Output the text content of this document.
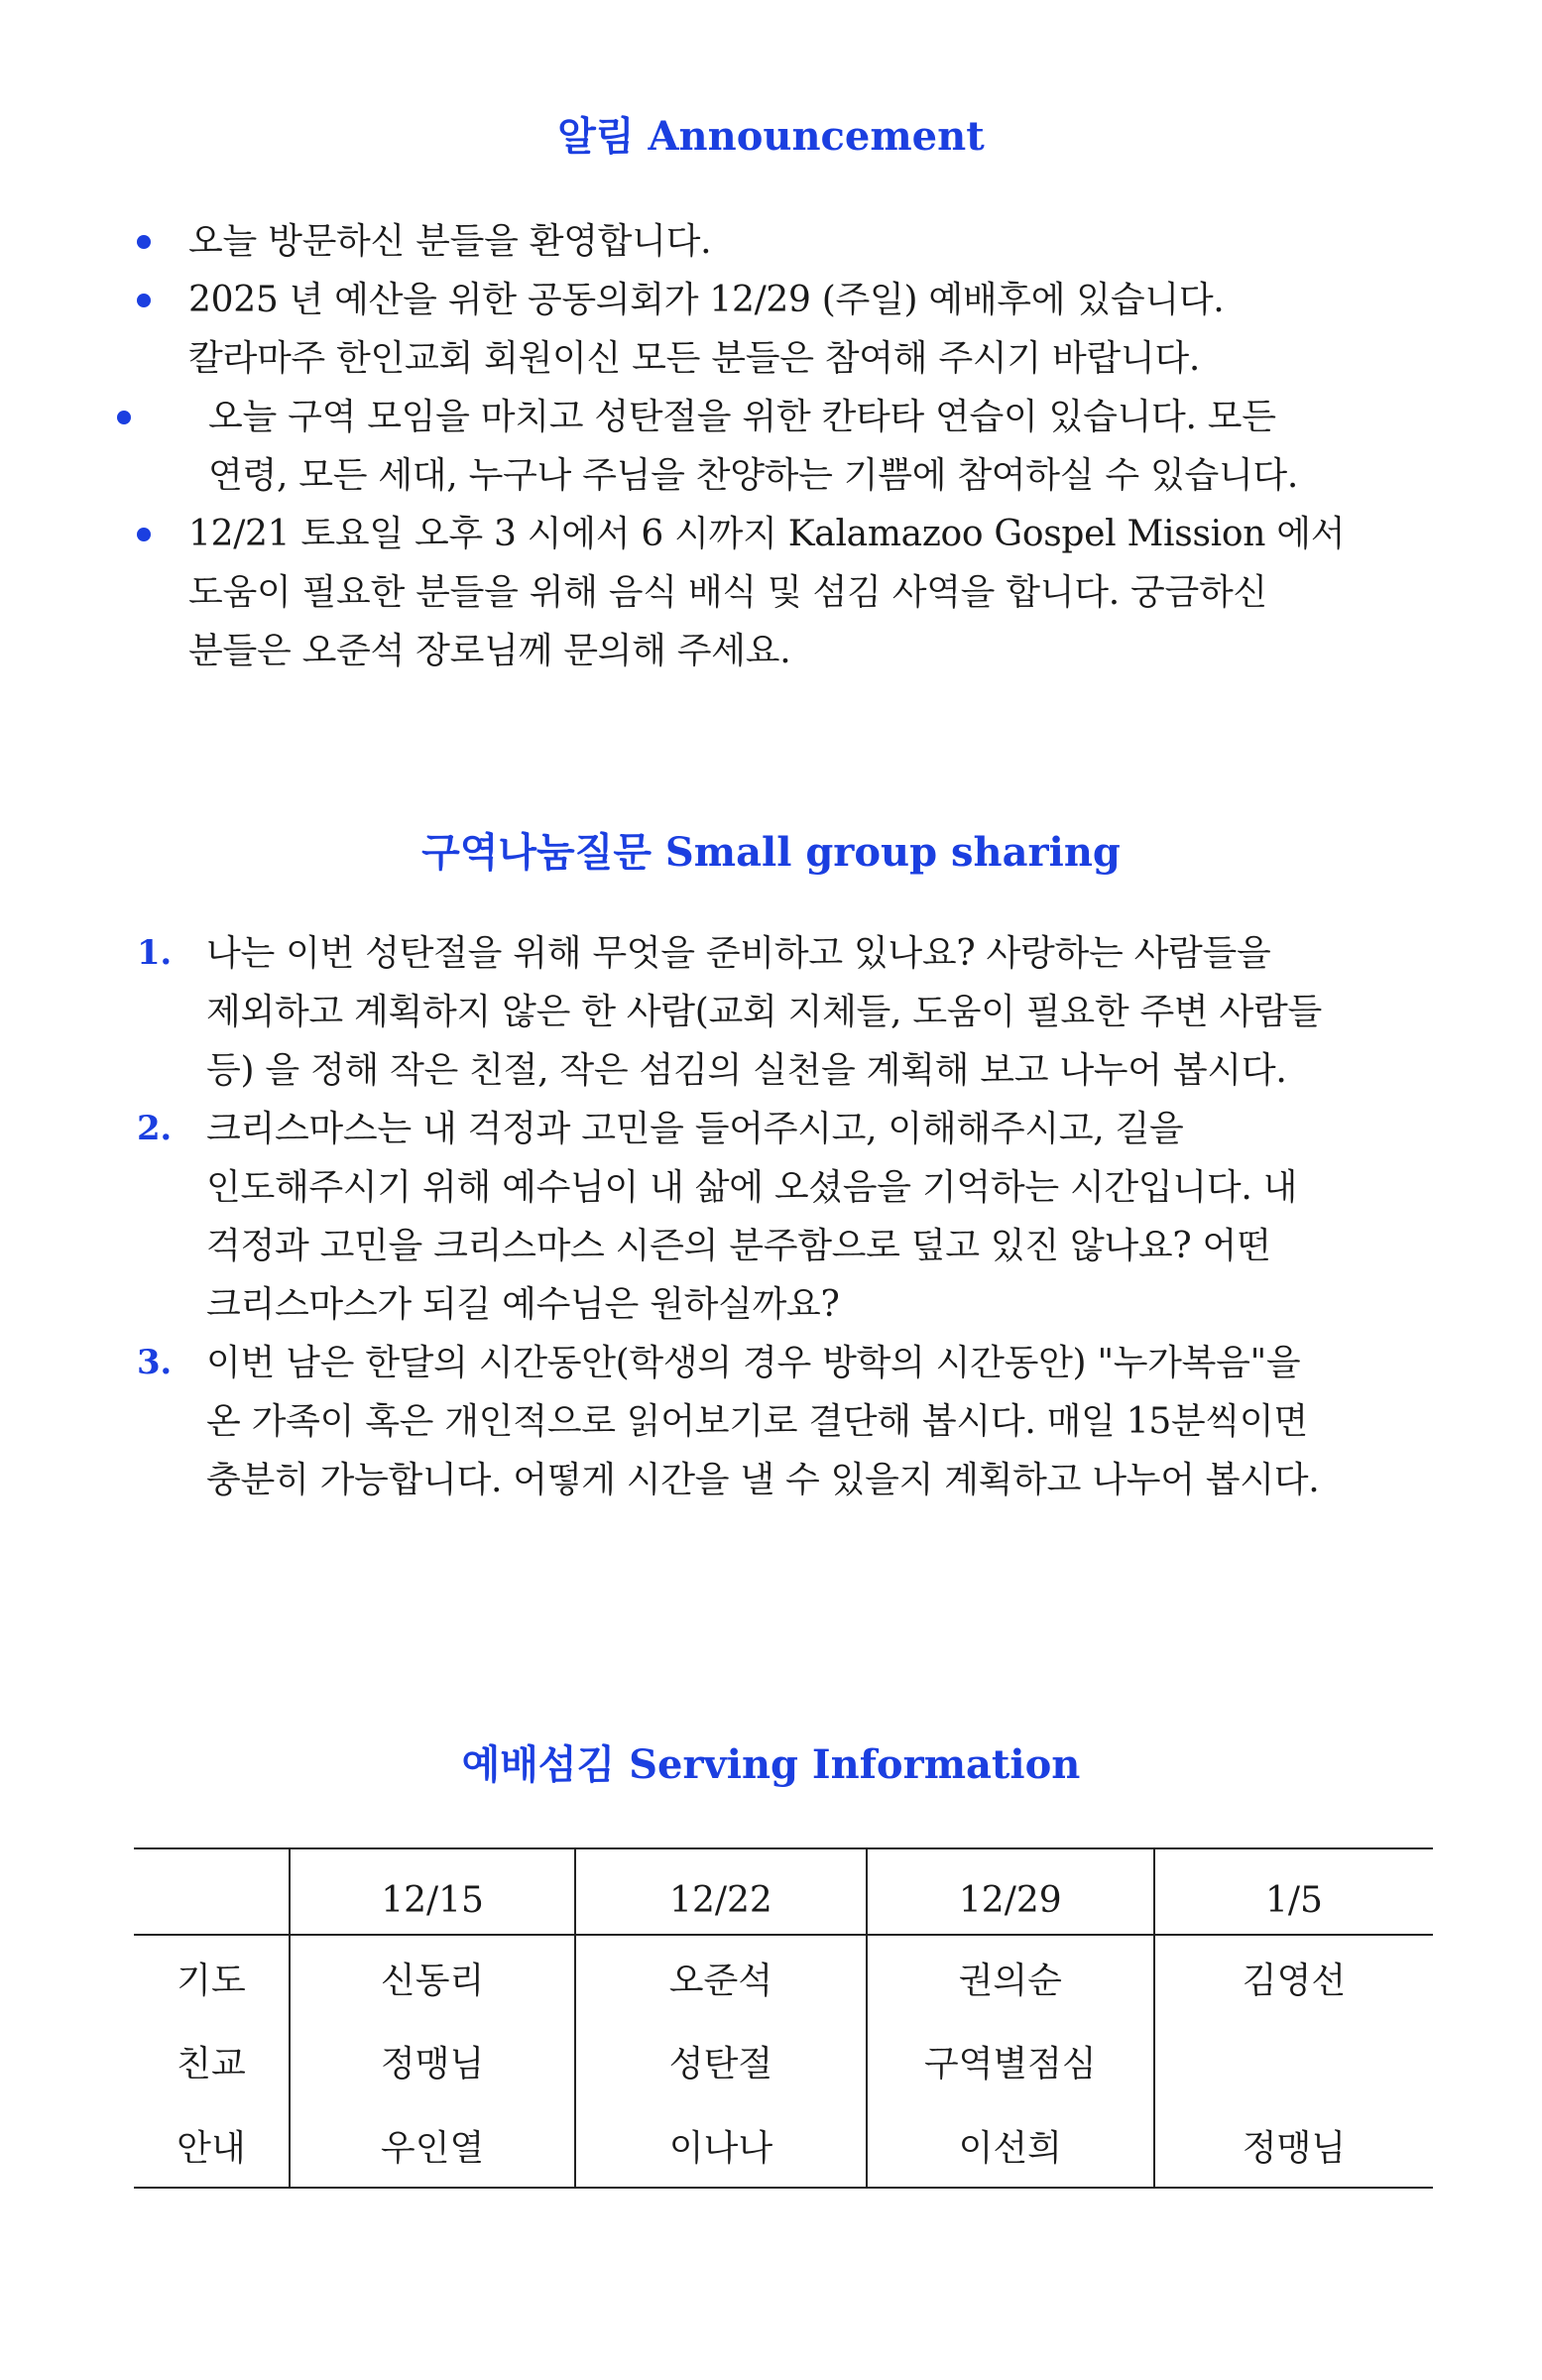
알림 Announcement
오늘 방문하신 분들을 환영합니다.
2025 년 예산을 위한 공동의회가 12/29 (주일) 예배후에 있습니다.
칼라마주 한인교회 회원이신 모든 분들은 참여해 주시기 바랍니다.
오늘 구역 모임을 마치고 성탄절을 위한 칸타타 연습이 있습니다. 모든
연령, 모든 세대, 누구나 주님을 찬양하는 기쁨에 참여하실 수 있습니다.
12/21 토요일 오후 3 시에서 6 시까지 Kalamazoo Gospel Mission 에서
도움이 필요한 분들을 위해 음식 배식 및 섬김 사역을 합니다. 궁금하신
분들은 오준석 장로님께 문의해 주세요.
구역나눔질문 Small group sharing
1. 나는 이번 성탄절을 위해 무엇을 준비하고 있나요? 사랑하는 사람들을
제외하고 계획하지 않은 한 사람(교회 지체들, 도움이 필요한 주변 사람들
등) 을 정해 작은 친절, 작은 섬김의 실천을 계획해 보고 나누어 봅시다.
2. 크리스마스는 내 걱정과 고민을 들어주시고, 이해해주시고, 길을
인도해주시기 위해 예수님이 내 삶에 오셨음을 기억하는 시간입니다. 내
걱정과 고민을 크리스마스 시즌의 분주함으로 덮고 있진 않나요? 어떤
크리스마스가 되길 예수님은 원하실까요?
3. 이번 남은 한달의 시간동안(학생의 경우 방학의 시간동안) "누가복음"을
온 가족이 혹은 개인적으로 읽어보기로 결단해 봅시다. 매일 15분씩이면
충분히 가능합니다. 어떻게 시간을 낼 수 있을지 계획하고 나누어 봅시다.
예배섬김 Serving Information
	12/15	12/22	12/29	1/5
기도	신동리	오준석	권의순	김영선
친교	정맹님	성탄절	구역별점심	
안내	우인열	이나나	이선희	정맹님
